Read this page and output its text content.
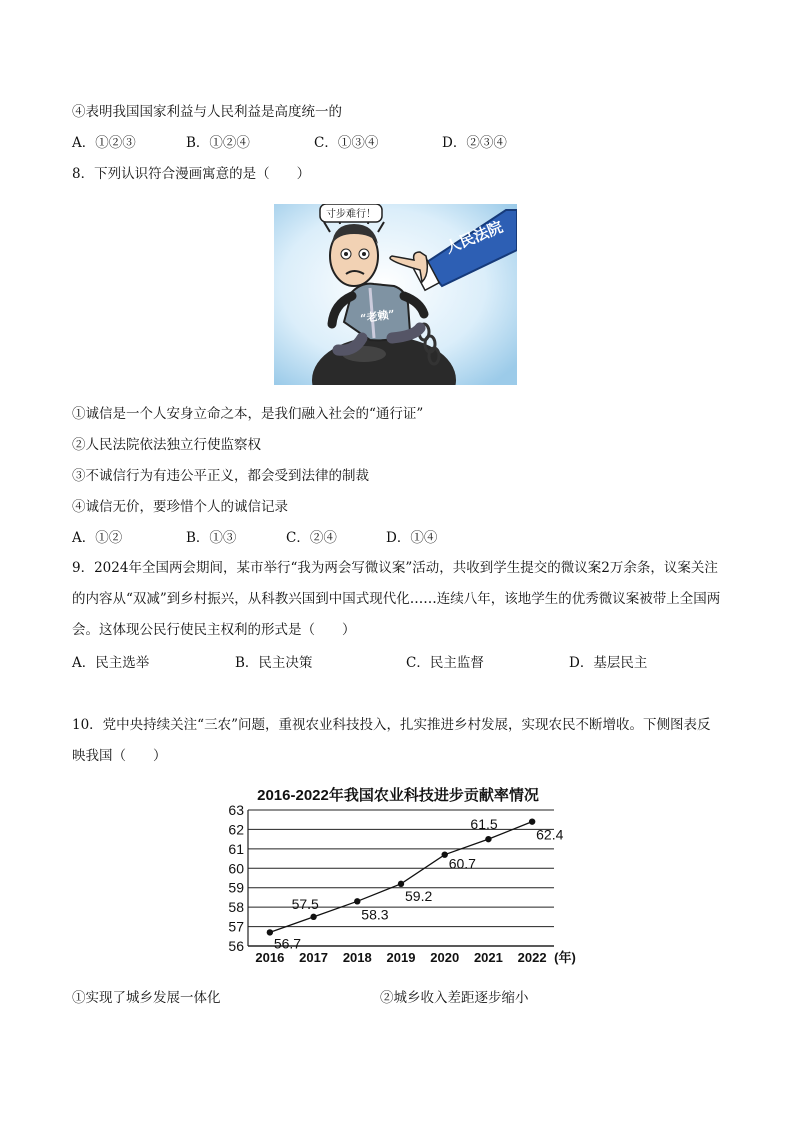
④表明我国国家利益与人民利益是高度统一的
A．①②③	B．①②④	C．①③④	D．②③④
8．下列认识符合漫画寓意的是（　　）
“老赖”
寸步难行！
人民法院
①诚信是一个人安身立命之本，是我们融入社会的“通行证”
②人民法院依法独立行使监察权
③不诚信行为有违公平正义，都会受到法律的制裁
④诚信无价，要珍惜个人的诚信记录
A．①②	B．①③	C．②④	D．①④
9．2024年全国两会期间，某市举行“我为两会写微议案”活动，共收到学生提交的微议案2万余条，议案关注的内容从“双减”到乡村振兴，从科教兴国到中国式现代化……连续八年，该地学生的优秀微议案被带上全国两会。这体现公民行使民主权利的形式是（　　）
A．民主选举	B．民主决策	C．民主监督	D．基层民主
10．党中央持续关注“三农”问题，重视农业科技投入，扎实推进乡村发展，实现农民不断增收。下侧图表反
映我国（　　）
2016-2022年我国农业科技进步贡献率情况
56
57
58
59
60
61
62
63
2016 2017 2018 2019 2020 2021 2022 (年)
56.7
57.5
58.3
59.2
60.7
61.5
62.4
①实现了城乡发展一体化	②城乡收入差距逐步缩小
